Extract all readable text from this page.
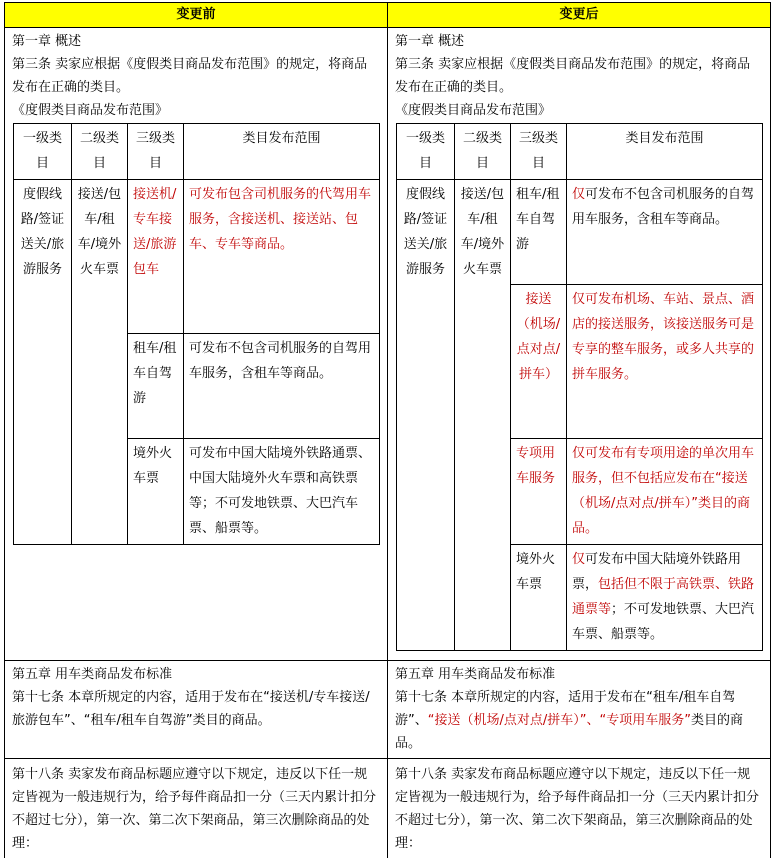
变更前	变更后

第一章 概述

第三条 卖家应根据《度假类目商品发布范围》的规定，将商品发布在正确的类目。

《度假类目商品发布范围》

一级类目	二级类目	三级类目	类目发布范围
度假线路/签证送关/旅游服务	接送/包车/租车/境外火车票	接送机/专车接送/旅游包车	可发布包含司机服务的代驾用车服务，含接送机、接送站、包车、专车等商品。
租车/租车自驾游	可发布不包含司机服务的自驾用车服务，含租车等商品。
境外火车票	可发布中国大陆境外铁路通票、中国大陆境外火车票和高铁票等；不可发地铁票、大巴汽车票、船票等。

第一章 概述

第三条 卖家应根据《度假类目商品发布范围》的规定，将商品发布在正确的类目。

《度假类目商品发布范围》

一级类目	二级类目	三级类目	类目发布范围
度假线路/签证送关/旅游服务	接送/包车/租车/境外火车票	租车/租车自驾游	仅可发布不包含司机服务的自驾用车服务，含租车等商品。
接送（机场/点对点/拼车）	仅可发布机场、车站、景点、酒店的接送服务，该接送服务可是专享的整车服务，或多人共享的拼车服务。
专项用车服务	仅可发布有专项用途的单次用车服务，但不包括应发布在“接送（机场/点对点/拼车）”类目的商品。
境外火车票	仅可发布中国大陆境外铁路用票，包括但不限于高铁票、铁路通票等；不可发地铁票、大巴汽车票、船票等。

第五章 用车类商品发布标准

第十七条 本章所规定的内容，适用于发布在“接送机/专车接送/旅游包车”、“租车/租车自驾游”类目的商品。

第五章 用车类商品发布标准

第十七条 本章所规定的内容，适用于发布在“租车/租车自驾游”、“接送（机场/点对点/拼车）”、“专项用车服务”类目的商品。

第十八条 卖家发布商品标题应遵守以下规定，违反以下任一规定皆视为一般违规行为，给予每件商品扣一分（三天内累计扣分不超过七分），第一次、第二次下架商品，第三次删除商品的处理：

第十八条 卖家发布商品标题应遵守以下规定，违反以下任一规定皆视为一般违规行为，给予每件商品扣一分（三天内累计扣分不超过七分），第一次、第二次下架商品，第三次删除商品的处理：
